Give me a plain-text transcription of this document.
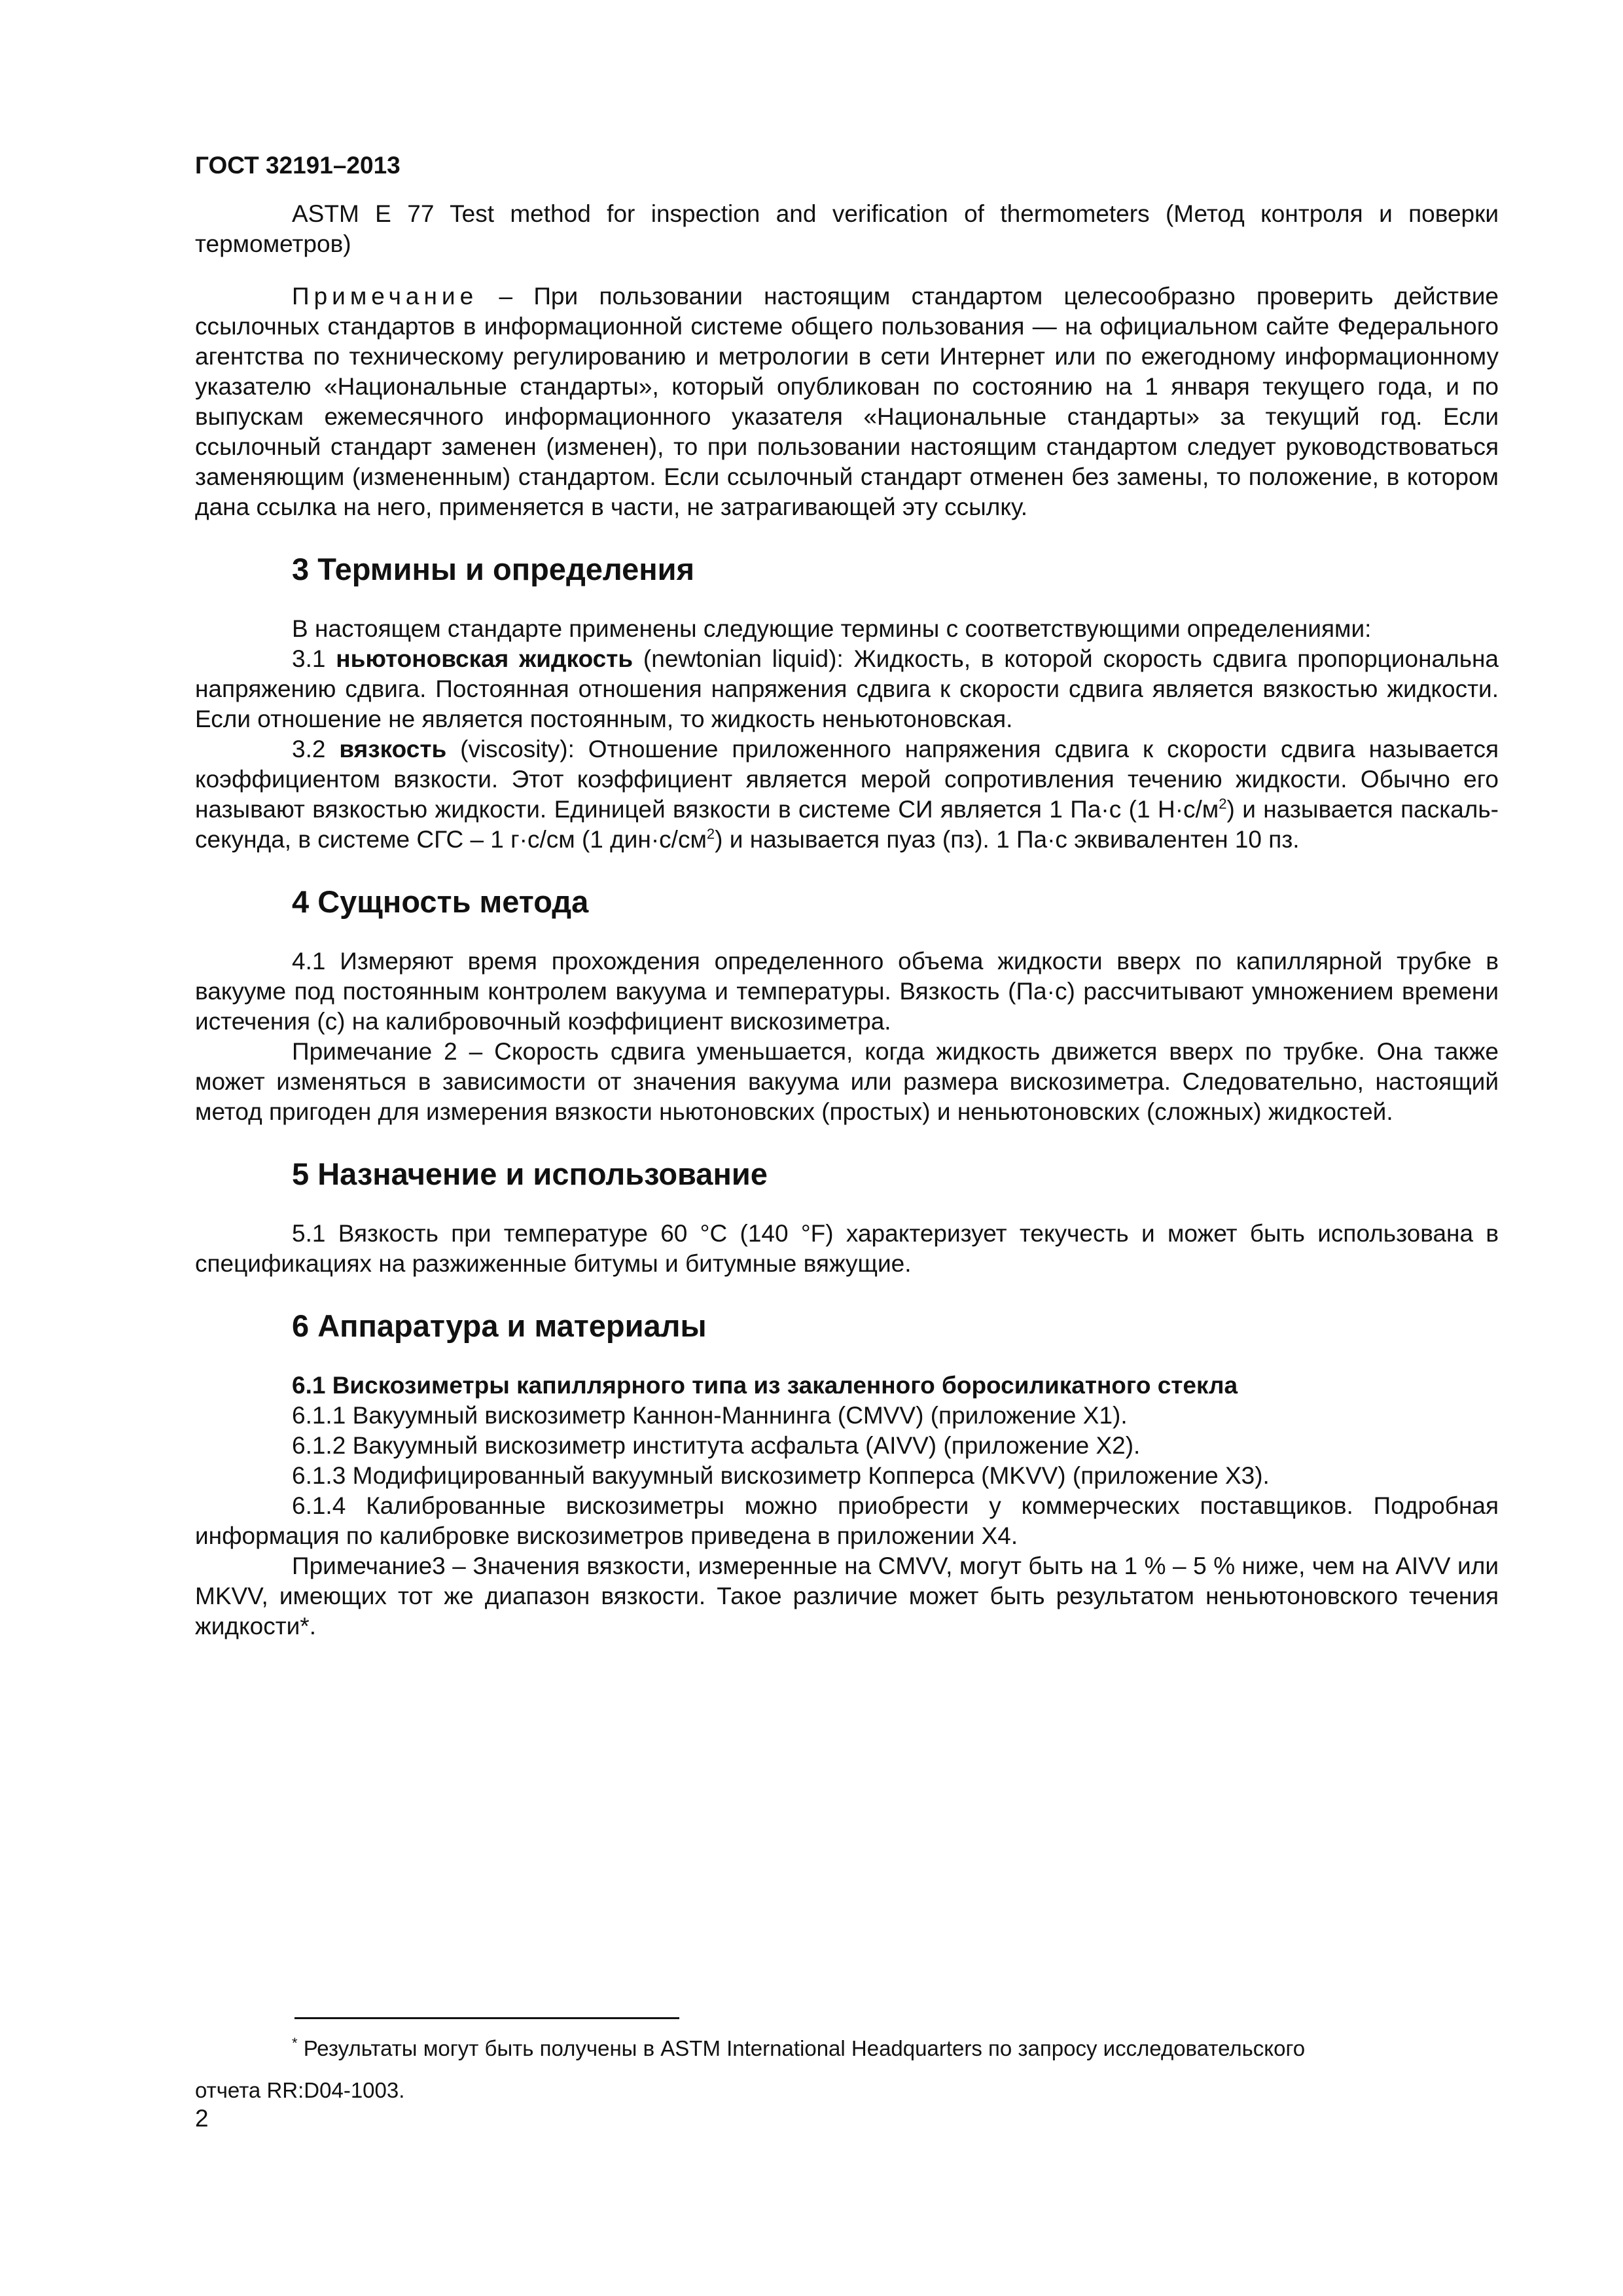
ГОСТ 32191–2013

ASTM E 77 Test method for inspection and verification of thermometers (Метод контроля и поверки термометров)

Примечание – При пользовании настоящим стандартом целесообразно проверить действие ссылочных стандартов в информационной системе общего пользования — на официальном сайте Федерального агентства по техническому регулированию и метрологии в сети Интернет или по ежегодному информационному указателю «Национальные стандарты», который опубликован по состоянию на 1 января текущего года, и по выпускам ежемесячного информационного указателя «Национальные стандарты» за текущий год. Если ссылочный стандарт заменен (изменен), то при пользовании настоящим стандартом следует руководствоваться заменяющим (измененным) стандартом. Если ссылочный стандарт отменен без замены, то положение, в котором дана ссылка на него, применяется в части, не затрагивающей эту ссылку.

3 Термины и определения

В настоящем стандарте применены следующие термины с соответствующими определениями:

3.1 ньютоновская жидкость (newtonian liquid): Жидкость, в которой скорость сдвига пропорциональна напряжению сдвига. Постоянная отношения напряжения сдвига к скорости сдвига является вязкостью жидкости. Если отношение не является постоянным, то жидкость неньютоновская.

3.2 вязкость (viscosity): Отношение приложенного напряжения сдвига к скорости сдвига называется коэффициентом вязкости. Этот коэффициент является мерой сопротивления течению жидкости. Обычно его называют вязкостью жидкости. Единицей вязкости в системе СИ является 1 Па·с (1 $Н\cdot с/м^2$) и называется паскаль-секунда, в системе СГС – 1 г·с/см (1 $дин\cdot с/см^2$) и называется пуаз (пз). 1 Па·с эквивалентен 10 пз.

4 Сущность метода

4.1 Измеряют время прохождения определенного объема жидкости вверх по капиллярной трубке в вакууме под постоянным контролем вакуума и температуры. Вязкость (Па·с) рассчитывают умножением времени истечения (с) на калибровочный коэффициент вискозиметра.

Примечание 2 – Скорость сдвига уменьшается, когда жидкость движется вверх по трубке. Она также может изменяться в зависимости от значения вакуума или размера вискозиметра. Следовательно, настоящий метод пригоден для измерения вязкости ньютоновских (простых) и неньютоновских (сложных) жидкостей.

5 Назначение и использование

5.1 Вязкость при температуре 60 °С (140 °F) характеризует текучесть и может быть использована в спецификациях на разжиженные битумы и битумные вяжущие.

6 Аппаратура и материалы

6.1 Вискозиметры капиллярного типа из закаленного боросиликатного стекла

6.1.1 Вакуумный вискозиметр Каннон-Маннинга (CMVV) (приложение Х1).

6.1.2 Вакуумный вискозиметр института асфальта (AIVV) (приложение Х2).

6.1.3 Модифицированный вакуумный вискозиметр Копперса (MKVV) (приложение Х3).

6.1.4 Калиброванные вискозиметры можно приобрести у коммерческих поставщиков. Подробная информация по калибровке вискозиметров приведена в приложении Х4.

Примечание3 – Значения вязкости, измеренные на CMVV, могут быть на 1 % – 5 % ниже, чем на AIVV или MKVV, имеющих тот же диапазон вязкости. Такое различие может быть результатом неньютоновского течения жидкости*.

* Результаты могут быть получены в ASTM International Headquarters по запросу исследовательского
отчета RR:D04-1003.
2
